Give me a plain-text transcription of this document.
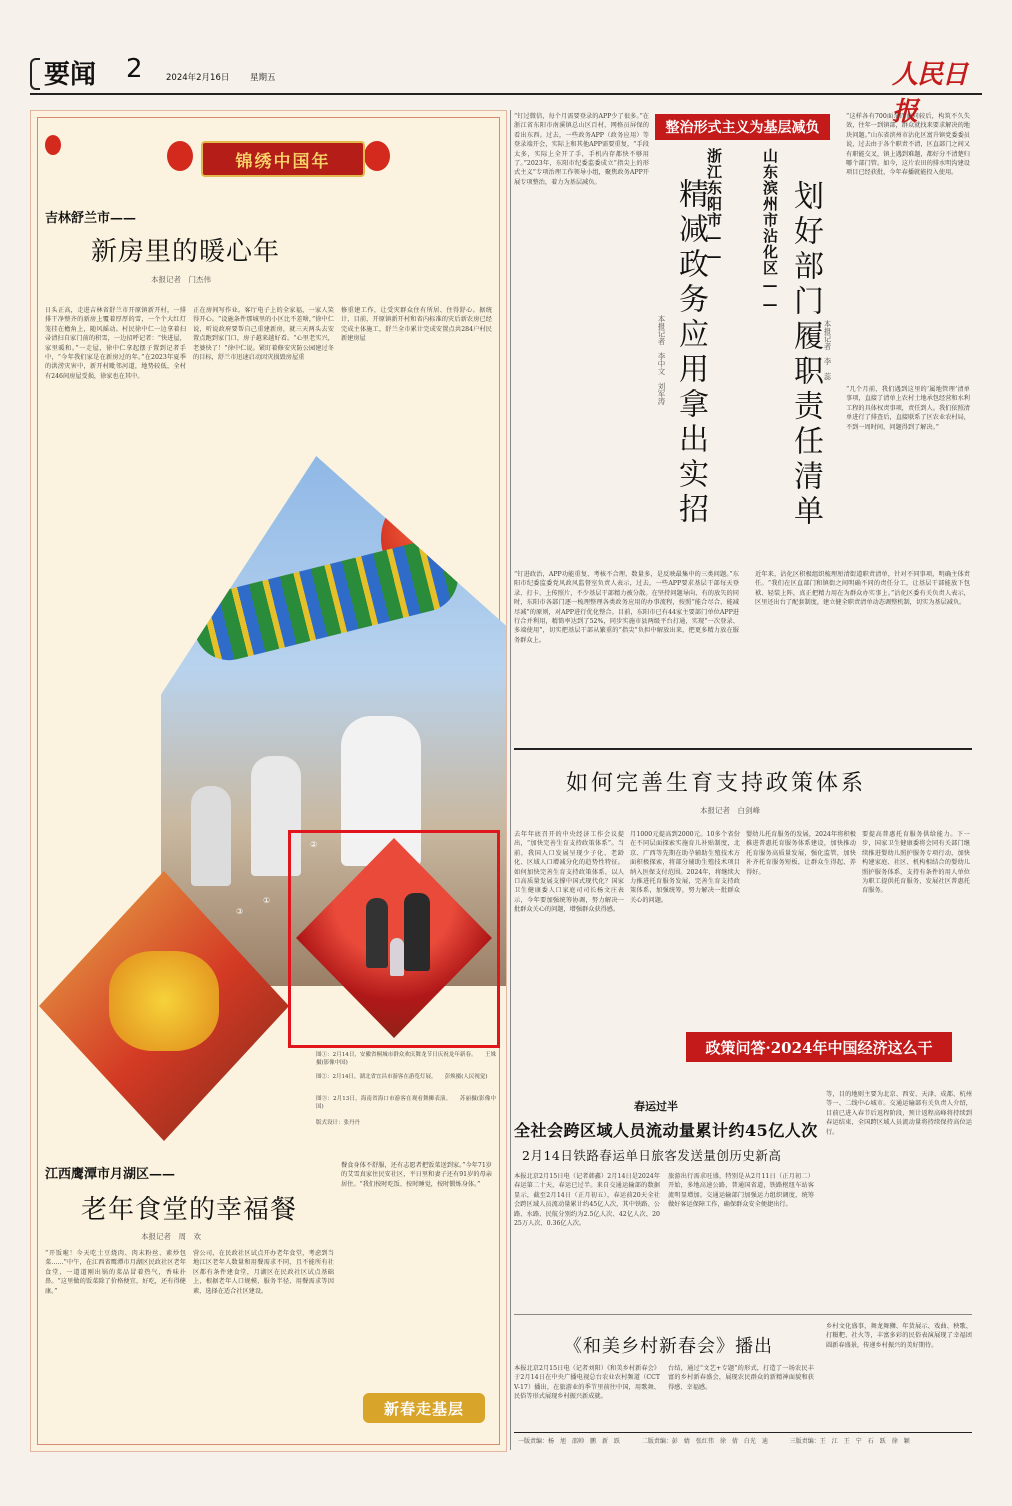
要闻 2	2024年2月16日 星期五	人民日报
锦绣中国年
吉林舒兰市——
新房里的暖心年
本报记者　门杰伟
日头正高，走进吉林省舒兰市开原镇新开村，一排排干净整齐的新房上覆着厚厚的雪，一个个大红灯笼挂在檐角上，随风摇动。村民徐中仁一边拿着扫帚清扫自家门前的积雪，一边招呼记者：“快进屋，家里暖和。”一走屋，徐中仁拿起摆子置到记者手中，“今年我们家是在新房过的年。”在2023年夏季的洪涝灾害中，新开村毗邻河道，地势较低，全村有246间房屋受损，徐家也在其中。
正在房间写作业。客厅电子上的全家福，一家人笑得开心。“设施条件那城里的小区比不差啥，”徐中仁说，听说政府要帮自己重建新房，就三天两头去安置点跑到家门口，房子越来越好看。“心里老实兴，老婆快了！”徐中仁说。紧盯着修安灾防公园建过冬的目标，舒兰市迅速启动因灾损毁房屋重
修重建工作，让受灾群众住有所居、住得舒心。据统计，目前，开原镇新开村和省内标准的灾后新农房已经完成主体施工，舒兰全市累计完成安置点共284户村民新建房屋
③
①
图①：2月14日，安徽省桐城市群众欢庆舞龙节日庆祝龙年新春。　　王姝摄(影像中国)
图②：2月14日，湖北省宜昌市游客在游览灯展。　　彭焕摄(人民视觉)
图③：2月13日，海南省海口市游客在观看舞狮表演。　　苏丽摄(影像中国)
版式设计：张丹丹
江西鹰潭市月湖区——
老年食堂的幸福餐
本报记者　周　欢
“开饭啦！今天吃土豆烧肉、肉末粉丝、素炒包菜……”中午，在江西省鹰潭市月湖区民政社区老年食堂，一道道刚出锅的菜品冒着热气，香味扑鼻。“这里做的饭菜除了价格便宜，好吃，还有得健康。”
营公司，在民政社区试点开办老年食堂，考虑到当地江区老年人数量和用餐需求不同，且不能所有社区都有条件建食堂，月湖区在民政社区试点基础上，根据老年人口规模、服务半径、用餐需求等因素，选择在适合社区建设。
餐食身体不舒服，还有志愿者把饭菜送到家。”今年71岁的艾雪真家住民安社区，平日里和妻子还有91岁的母亲居住。“我们按时吃饭、按时睡觉，按时锻炼身体。”
新春走基层
②
“钉过微信，每个月需要登录的APP少了很多。”在浙江省东阳市南溪镇总山区百村，网格员屏保的看出东西。过去，一些政务APP（政务应用）等登录端开会，实际上和其他APP需要重复，“手段太多，实际上全开了手，手机内存都快不够用了。”2023年，东阳市纪委监委成立“指尖上的形式主义”专项治理工作领导小组，聚焦政务APP开展专项整治，着力为基层减负。
整治形式主义为基层减负
浙江东阳市——
精减政务应用拿出实招
本报记者　李中文　刘军涛
山东滨州市沾化区—— 划好部门履职责任清单 本报记者　李　蕊
“这样各有700面余四面同较后，构筑不久失效，往年一到镇部，群众就找来要求解决的地块问题。”山东省滨州市沾化区富升镇党委委员说，过去由于各个职责不清，区直部门之间又有职能交叉，镇上遇到难题，都好分不清楚归哪个部门管。如今，这片农田的排水明沟建设项目已经获批，今年春播就能投入使用。
“几个月前，我们遇到这里的‘属地管理’清单事项，直接了清单上农村土地承包经营和水利工程的具体权责事项，责任到人。我们依照清单进行了排查后，直接联系了区农业农村局，不到一周时间，问题得到了解决。”
“钉进政治，APP功能重复、考核不合理、数量多，是反映最集中的三类问题。”东阳市纪委监委党风政风监督室负责人表示，过去，一些APP要求基层干部每天登录、打卡、上传照片，不少基层干部精力被分散。在坚持问题导向、有的放矢的同时，东阳市各部门逐一梳理整理各类政务应用的办事流程，按照“能合尽合、能减尽减”的原则，对APP进行优化整合。目前，东阳市已有44家主要部门单位APP进行合并利用，精简率达到了52%，同步实施市县两级平台打通，实现“一次登录、多端使用”，切实把基层干部从繁重的“指尖”负担中解放出来，把更多精力放在服务群众上。
近年来，沾化区积极组织梳理厘清街道职责清单，针对不同事项，明确主体责任。“我们在区直部门和镇街之间明确不同的责任分工，让基层干部能放下包袱、轻装上阵，真正把精力用在为群众办实事上。”沾化区委有关负责人表示，区里还出台了配套制度，建立健全职责清单动态调整机制，切实为基层减负。
如何完善生育支持政策体系
本报记者　白剑峰
去年年底召开的中央经济工作会议提出，“加快完善生育支持政策体系”。当前，我国人口发展呈现少子化、老龄化、区域人口增减分化的趋势性特征。如何加快完善生育支持政策体系，以人口高质量发展支撑中国式现代化？国家卫生健康委人口家庭司司长杨文庄表示，今年要加强统筹协调，努力解决一批群众关心的问题，增强群众获得感。
月1000元提高到2000元。10多个省份在不同层面探索实施育儿补贴制度，北京、广西等先期在助孕辅助生殖技术方面积极探索，将部分辅助生殖技术项目纳入医保支付范围。2024年，将继续大力推进托育服务发展，完善生育支持政策体系，加强统筹，努力解决一批群众关心的问题。
婴幼儿托育服务的发展，2024年将积极推进普惠托育服务体系建设，加快推动托育服务高质量发展，强化监管，加快补齐托育服务短板，让群众生得起、养得好。
要提高普惠托育服务供给能力。下一步，国家卫生健康委将会同有关部门继续推进婴幼儿照护服务专项行动，加快构建家庭、社区、机构相结合的婴幼儿照护服务体系，支持有条件的用人单位为职工提供托育服务，发展社区普惠托育服务。
政策问答·2024年中国经济这么干
春运过半
全社会跨区域人员流动量累计约45亿人次
2月14日铁路春运单日旅客发送量创历史新高
本报北京2月15日电（记者韩鑫）2月14日是2024年春运第二十天，春运已过半。来自交通运输部的数据显示，截至2月14日（正月初五），春运前20天全社会跨区域人员流动量累计约45亿人次，其中铁路、公路、水路、民航分别约为2.5亿人次、42亿人次、2025万人次、0.36亿人次。
旅游出行需求旺盛，特别是从2月11日（正月初二）开始，多地高速公路、普通国省道，铁路枢纽车站客流明显增加。交通运输部门加强运力组织调度，统筹做好客运保障工作，确保群众安全便捷出行。
等，目的地则主要为北京、西安、天津、成都、杭州等一、二线中心城市。交通运输部有关负责人介绍，目前已进入春节后返程阶段，预计返程高峰将持续到春运结束，全国跨区域人员流动量将持续保持高位运行。
《和美乡村新春会》播出
本报北京2月15日电（记者刘阳）《和美乡村新春会》于2月14日在中央广播电视总台农业农村频道（CCTV-17）播出，在旅游业的季节里前往中国，用歌舞、民俗等形式展现乡村振兴新成就。
台结，通过“文艺+专题”的形式，打造了一场农民丰富的乡村新春盛会，展现农民群众的新精神面貌和获得感、幸福感。
乡村文化盛事，舞龙舞狮、年货展示、戏曲、秧歌、打糍粑、社火等，丰富多彩的民俗表演展现了幸福团圆新春盛景，传递乡村振兴的美好期待。
一版责编：杨　旭　邵帅　鹏　新　跃	二版责编：彭　婧　张红伟　徐　倩　白光　迪	三版责编：王　江　王　宁　石　跃　徐　颖
